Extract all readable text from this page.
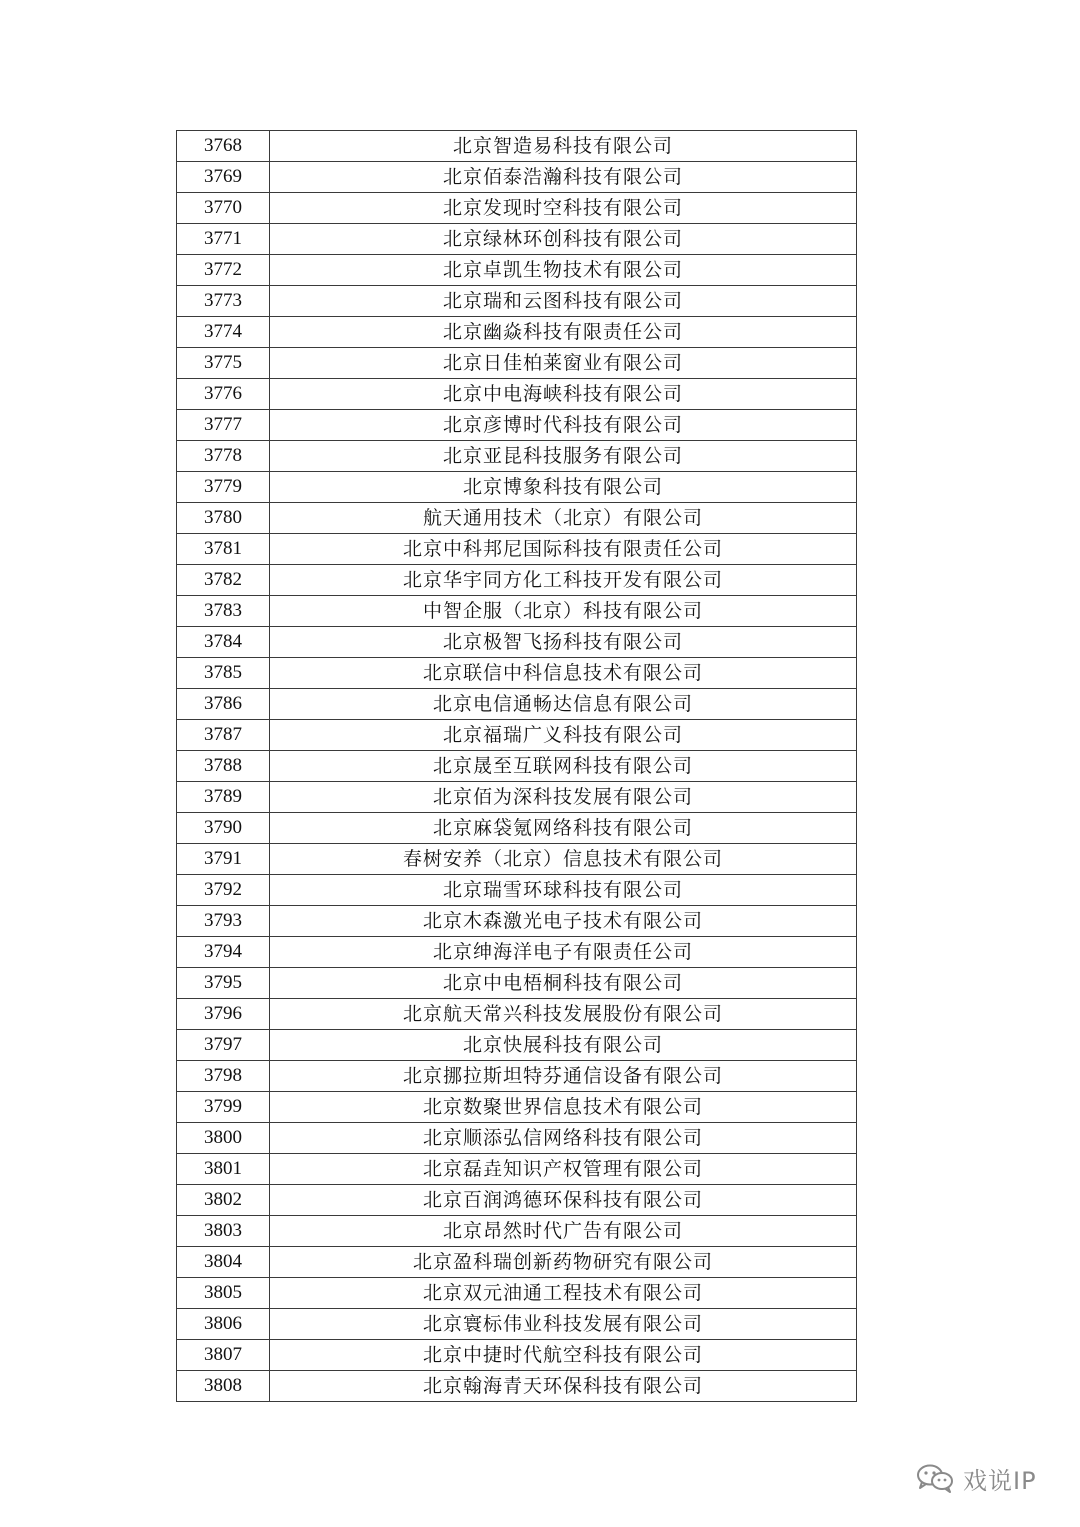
3768	北京智造易科技有限公司
3769	北京佰泰浩瀚科技有限公司
3770	北京发现时空科技有限公司
3771	北京绿林环创科技有限公司
3772	北京卓凯生物技术有限公司
3773	北京瑞和云图科技有限公司
3774	北京幽焱科技有限责任公司
3775	北京日佳柏莱窗业有限公司
3776	北京中电海峡科技有限公司
3777	北京彦博时代科技有限公司
3778	北京亚昆科技服务有限公司
3779	北京博象科技有限公司
3780	航天通用技术（北京）有限公司
3781	北京中科邦尼国际科技有限责任公司
3782	北京华宇同方化工科技开发有限公司
3783	中智企服（北京）科技有限公司
3784	北京极智飞扬科技有限公司
3785	北京联信中科信息技术有限公司
3786	北京电信通畅达信息有限公司
3787	北京福瑞广义科技有限公司
3788	北京晟至互联网科技有限公司
3789	北京佰为深科技发展有限公司
3790	北京麻袋氪网络科技有限公司
3791	春树安养（北京）信息技术有限公司
3792	北京瑞雪环球科技有限公司
3793	北京木森激光电子技术有限公司
3794	北京绅海洋电子有限责任公司
3795	北京中电梧桐科技有限公司
3796	北京航天常兴科技发展股份有限公司
3797	北京快展科技有限公司
3798	北京挪拉斯坦特芬通信设备有限公司
3799	北京数聚世界信息技术有限公司
3800	北京顺添弘信网络科技有限公司
3801	北京磊垚知识产权管理有限公司
3802	北京百润鸿德环保科技有限公司
3803	北京昂然时代广告有限公司
3804	北京盈科瑞创新药物研究有限公司
3805	北京双元油通工程技术有限公司
3806	北京寰标伟业科技发展有限公司
3807	北京中捷时代航空科技有限公司
3808	北京翰海青天环保科技有限公司
戏说IP
